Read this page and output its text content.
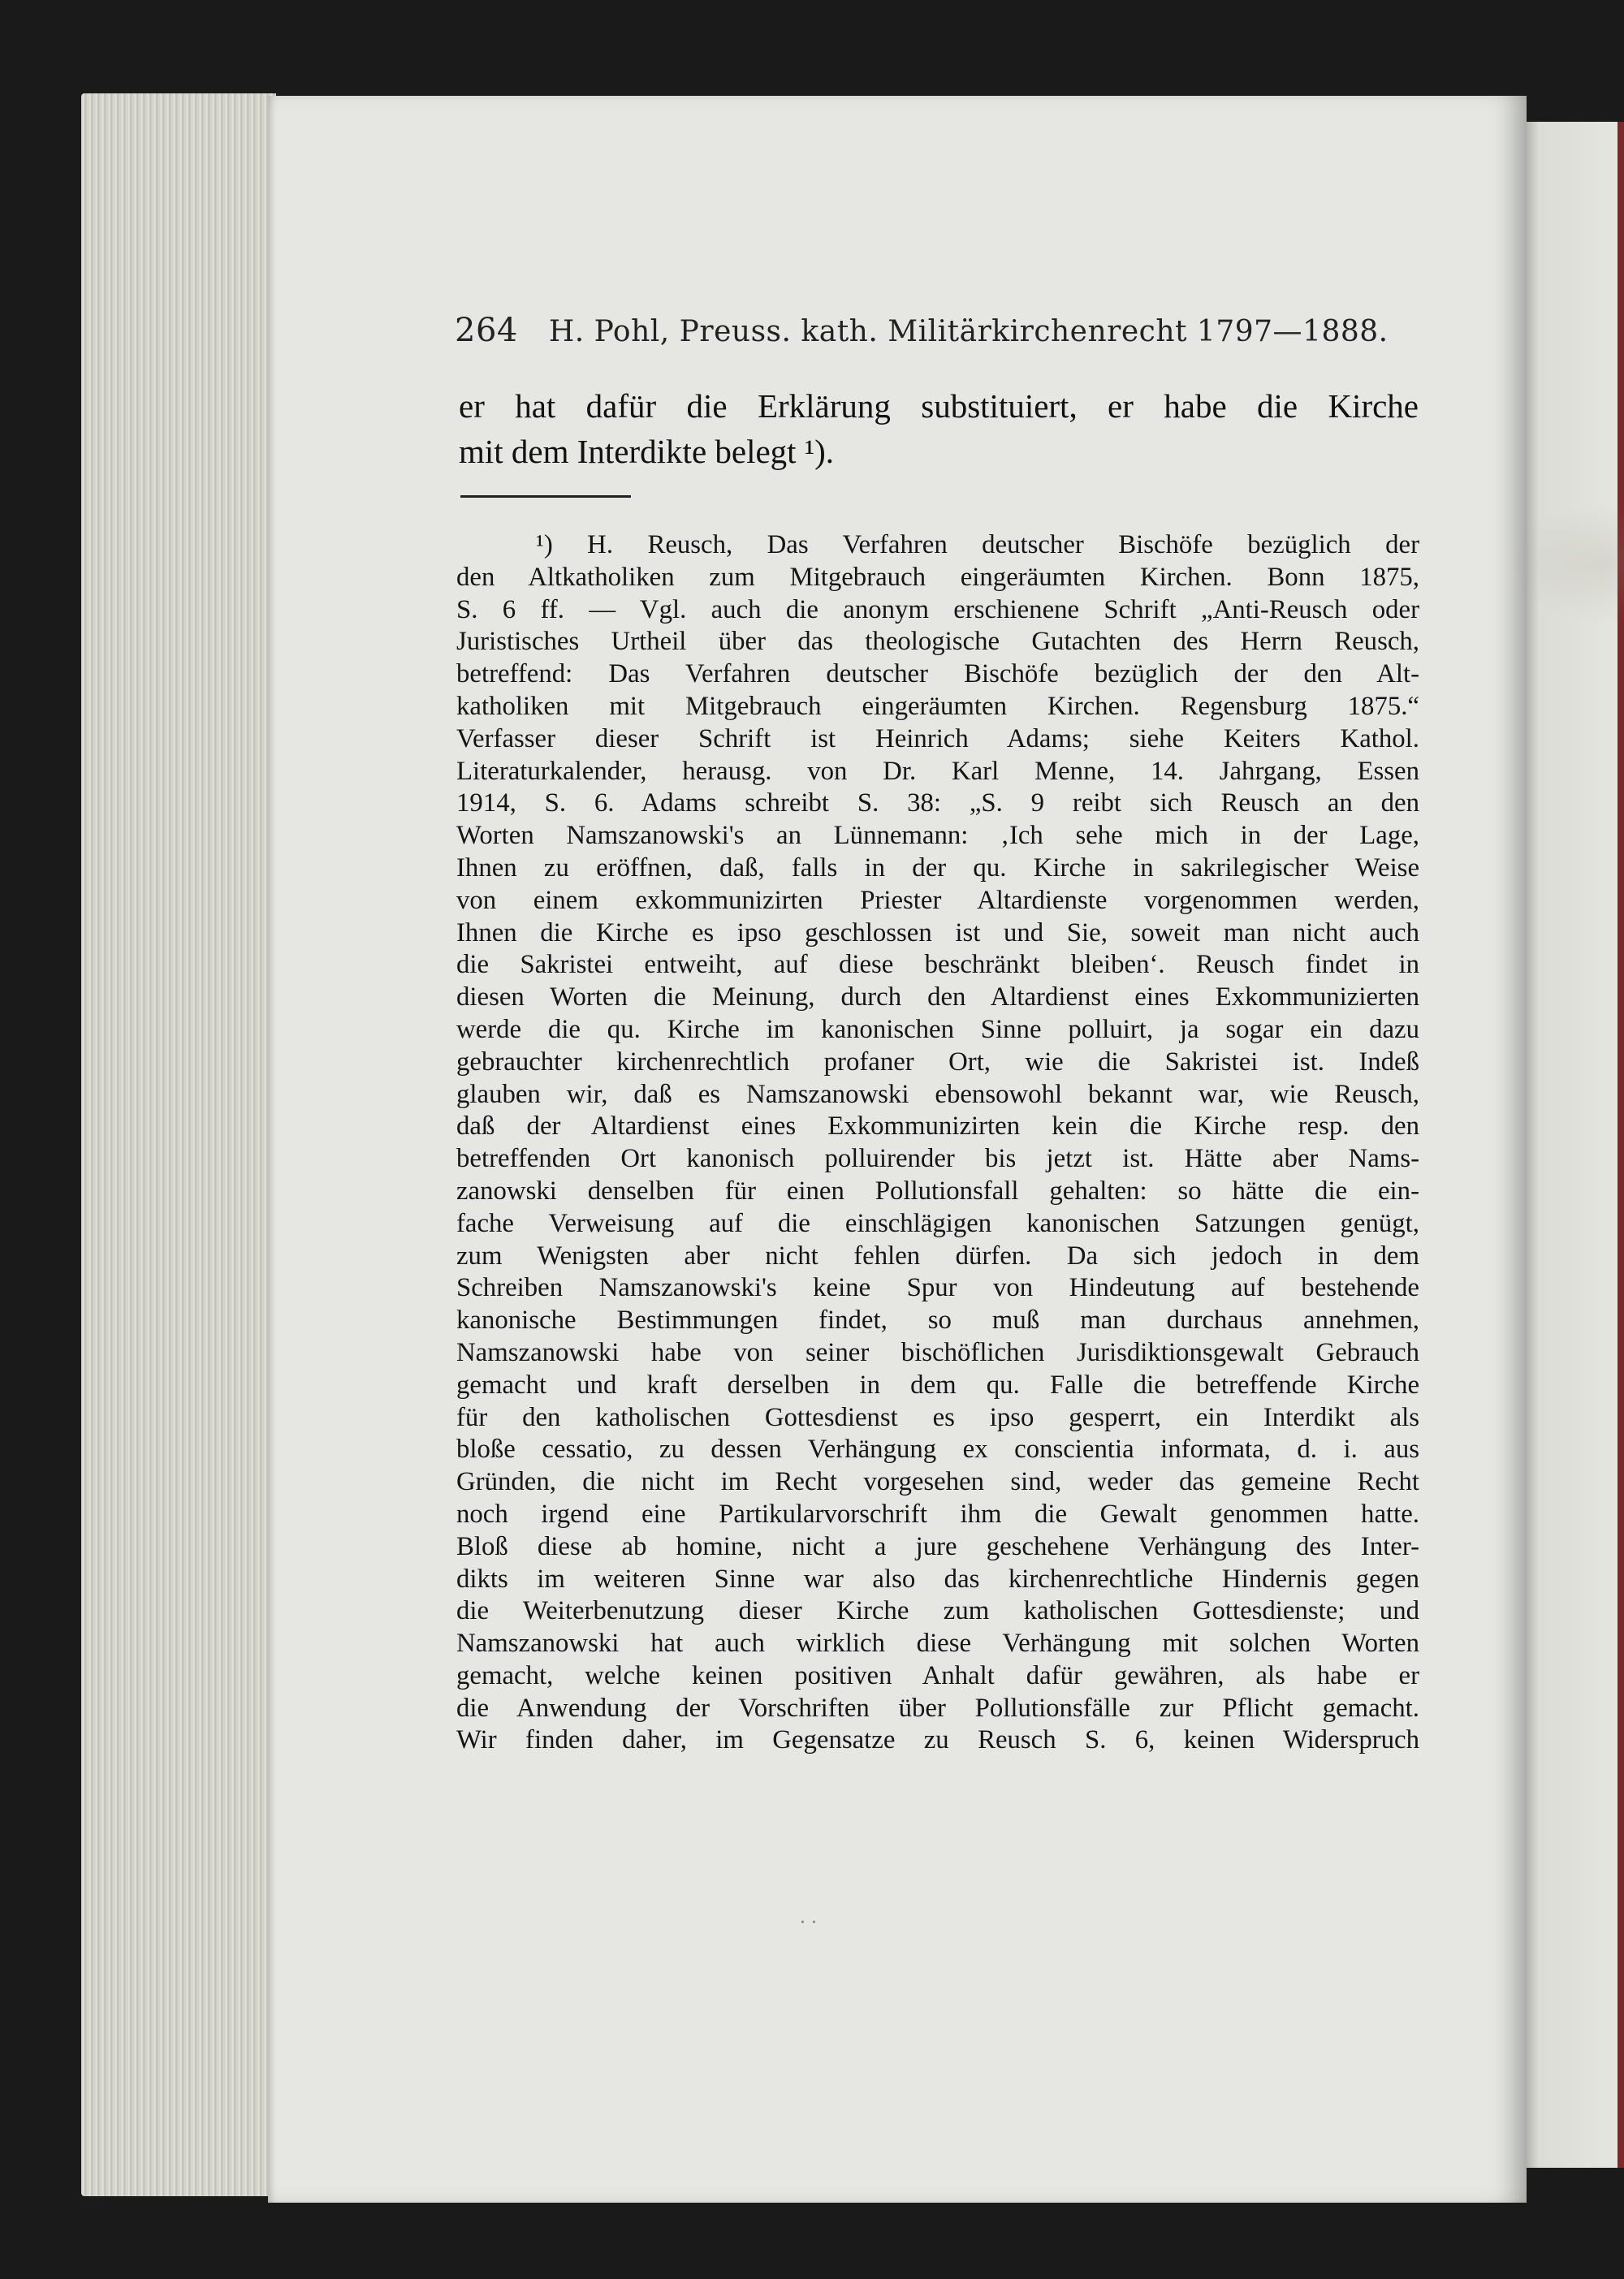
264 H. Pohl, Preuss. kath. Militärkirchenrecht 1797—1888.
er hat dafür die Erklärung substituiert, er habe die Kirche
mit dem Interdikte belegt ¹).
¹) H. Reusch, Das Verfahren deutscher Bischöfe bezüglich der
den Altkatholiken zum Mitgebrauch eingeräumten Kirchen. Bonn 1875,
S. 6 ff. — Vgl. auch die anonym erschienene Schrift „Anti-Reusch oder
Juristisches Urtheil über das theologische Gutachten des Herrn Reusch,
betreffend: Das Verfahren deutscher Bischöfe bezüglich der den Alt-
katholiken mit Mitgebrauch eingeräumten Kirchen. Regensburg 1875.“
Verfasser dieser Schrift ist Heinrich Adams; siehe Keiters Kathol.
Literaturkalender, herausg. von Dr. Karl Menne, 14. Jahrgang, Essen
1914, S. 6. Adams schreibt S. 38: „S. 9 reibt sich Reusch an den
Worten Namszanowski's an Lünnemann: ‚Ich sehe mich in der Lage,
Ihnen zu eröffnen, daß, falls in der qu. Kirche in sakrilegischer Weise
von einem exkommunizirten Priester Altardienste vorgenommen werden,
Ihnen die Kirche es ipso geschlossen ist und Sie, soweit man nicht auch
die Sakristei entweiht, auf diese beschränkt bleiben‘. Reusch findet in
diesen Worten die Meinung, durch den Altardienst eines Exkommunizierten
werde die qu. Kirche im kanonischen Sinne polluirt, ja sogar ein dazu
gebrauchter kirchenrechtlich profaner Ort, wie die Sakristei ist. Indeß
glauben wir, daß es Namszanowski ebensowohl bekannt war, wie Reusch,
daß der Altardienst eines Exkommunizirten kein die Kirche resp. den
betreffenden Ort kanonisch polluirender bis jetzt ist. Hätte aber Nams-
zanowski denselben für einen Pollutionsfall gehalten: so hätte die ein-
fache Verweisung auf die einschlägigen kanonischen Satzungen genügt,
zum Wenigsten aber nicht fehlen dürfen. Da sich jedoch in dem
Schreiben Namszanowski's keine Spur von Hindeutung auf bestehende
kanonische Bestimmungen findet, so muß man durchaus annehmen,
Namszanowski habe von seiner bischöflichen Jurisdiktionsgewalt Gebrauch
gemacht und kraft derselben in dem qu. Falle die betreffende Kirche
für den katholischen Gottesdienst es ipso gesperrt, ein Interdikt als
bloße cessatio, zu dessen Verhängung ex conscientia informata, d. i. aus
Gründen, die nicht im Recht vorgesehen sind, weder das gemeine Recht
noch irgend eine Partikularvorschrift ihm die Gewalt genommen hatte.
Bloß diese ab homine, nicht a jure geschehene Verhängung des Inter-
dikts im weiteren Sinne war also das kirchenrechtliche Hindernis gegen
die Weiterbenutzung dieser Kirche zum katholischen Gottesdienste; und
Namszanowski hat auch wirklich diese Verhängung mit solchen Worten
gemacht, welche keinen positiven Anhalt dafür gewähren, als habe er
die Anwendung der Vorschriften über Pollutionsfälle zur Pflicht gemacht.
Wir finden daher, im Gegensatze zu Reusch S. 6, keinen Widerspruch
· ·
